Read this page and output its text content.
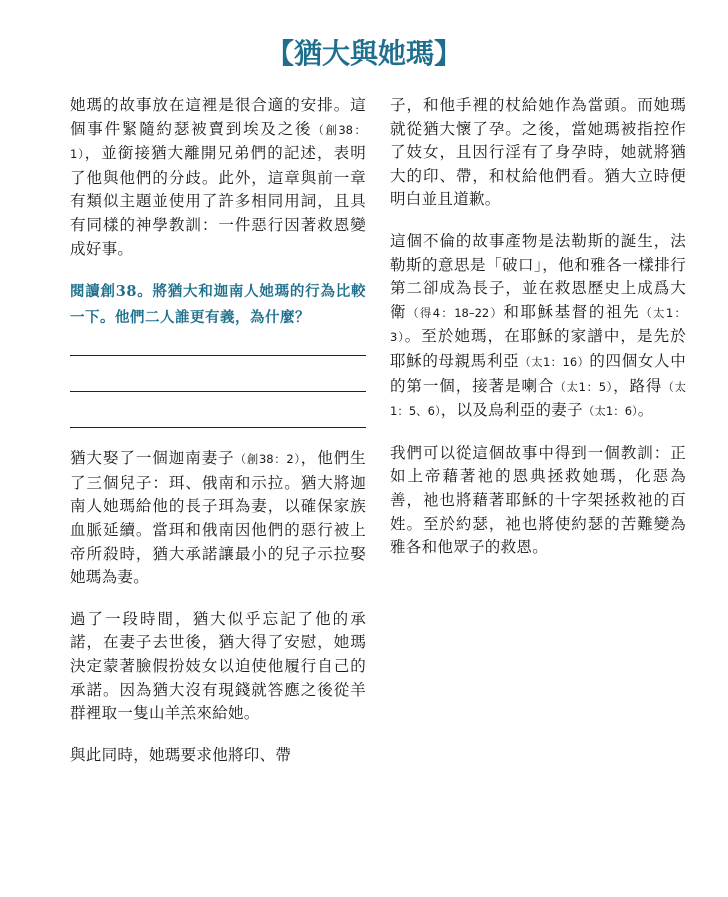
【猶大與她瑪】

她瑪的故事放在這裡是很合適的安排。這個事件緊隨約瑟被賣到埃及之後（創38：1），並銜接猶大離開兄弟們的記述，表明了他與他們的分歧。此外，這章與前一章有類似主題並使用了許多相同用詞，且具有同樣的神學教訓：一件惡行因著救恩變成好事。

閱讀創38。將猶大和迦南人她瑪的行為比較一下。他們二人誰更有義，為什麼？

猶大娶了一個迦南妻子（創38：2），他們生了三個兒子：珥、俄南和示拉。猶大將迦南人她瑪給他的長子珥為妻，以確保家族血脈延續。當珥和俄南因他們的惡行被上帝所殺時，猶大承諾讓最小的兒子示拉娶她瑪為妻。

過了一段時間，猶大似乎忘記了他的承諾，在妻子去世後，猶大得了安慰，她瑪決定蒙著臉假扮妓女以迫使他履行自己的承諾。因為猶大沒有現錢就答應之後從羊群裡取一隻山羊羔來給她。

與此同時，她瑪要求他將印、帶

子，和他手裡的杖給她作為當頭。而她瑪就從猶大懷了孕。之後，當她瑪被指控作了妓女，且因行淫有了身孕時，她就將猶大的印、帶，和杖給他們看。猶大立時便明白並且道歉。

這個不倫的故事產物是法勒斯的誕生，法勒斯的意思是「破口」，他和雅各一樣排行第二卻成為長子，並在救恩歷史上成爲大衛（得4：18–22）和耶穌基督的祖先（太1：3）。至於她瑪，在耶穌的家譜中，是先於耶穌的母親馬利亞（太1：16）的四個女人中的第一個，接著是喇合（太1：5），路得（太1：5、6），以及烏利亞的妻子（太1：6）。

我們可以從這個故事中得到一個教訓：正如上帝藉著祂的恩典拯救她瑪，化惡為善，祂也將藉著耶穌的十字架拯救祂的百姓。至於約瑟，祂也將使約瑟的苦難變為雅各和他眾子的救恩。
